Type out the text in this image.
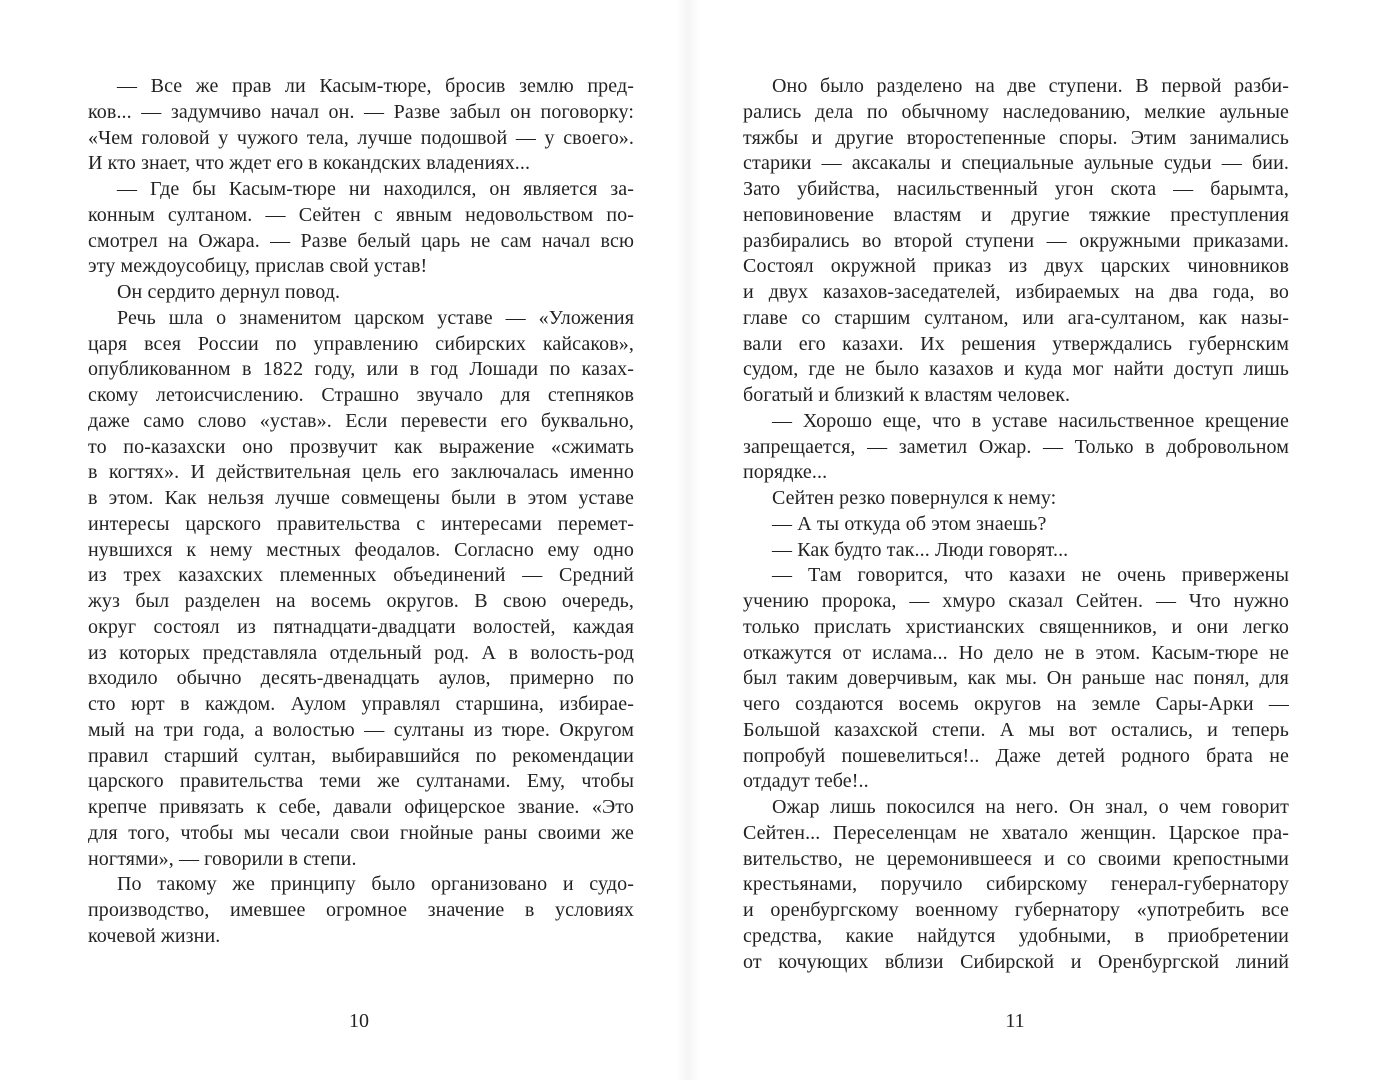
— Все же прав ли Касым-тюре, бросив землю пред-
ков... — задумчиво начал он. — Разве забыл он поговорку:
«Чем головой у чужого тела, лучше подошвой — у своего».
И кто знает, что ждет его в кокандских владениях...
— Где бы Касым-тюре ни находился, он является за-
конным султаном. — Сейтен с явным недовольством по-
смотрел на Ожара. — Разве белый царь не сам начал всю
эту междоусобицу, прислав свой устав!
Он сердито дернул повод.
Речь шла о знаменитом царском уставе — «Уложения
царя всея России по управлению сибирских кайсаков»,
опубликованном в 1822 году, или в год Лошади по казах-
скому летоисчислению. Страшно звучало для степняков
даже само слово «устав». Если перевести его буквально,
то по-казахски оно прозвучит как выражение «сжимать
в когтях». И действительная цель его заключалась именно
в этом. Как нельзя лучше совмещены были в этом уставе
интересы царского правительства с интересами перемет-
нувшихся к нему местных феодалов. Согласно ему одно
из трех казахских племенных объединений — Средний
жуз был разделен на восемь округов. В свою очередь,
округ состоял из пятнадцати-двадцати волостей, каждая
из которых представляла отдельный род. А в волость-род
входило обычно десять-двенадцать аулов, примерно по
сто юрт в каждом. Аулом управлял старшина, избирае-
мый на три года, а волостью — султаны из тюре. Округом
правил старший султан, выбиравшийся по рекомендации
царского правительства теми же султанами. Ему, чтобы
крепче привязать к себе, давали офицерское звание. «Это
для того, чтобы мы чесали свои гнойные раны своими же
ногтями», — говорили в степи.
По такому же принципу было организовано и судо-
производство, имевшее огромное значение в условиях
кочевой жизни.
Оно было разделено на две ступени. В первой разби-
рались дела по обычному наследованию, мелкие аульные
тяжбы и другие второстепенные споры. Этим занимались
старики — аксакалы и специальные аульные судьи — бии.
Зато убийства, насильственный угон скота — барымта,
неповиновение властям и другие тяжкие преступления
разбирались во второй ступени — окружными приказами.
Состоял окружной приказ из двух царских чиновников
и двух казахов-заседателей, избираемых на два года, во
главе со старшим султаном, или ага-султаном, как назы-
вали его казахи. Их решения утверждались губернским
судом, где не было казахов и куда мог найти доступ лишь
богатый и близкий к властям человек.
— Хорошо еще, что в уставе насильственное крещение
запрещается, — заметил Ожар. — Только в добровольном
порядке...
Сейтен резко повернулся к нему:
— А ты откуда об этом знаешь?
— Как будто так... Люди говорят...
— Там говорится, что казахи не очень привержены
учению пророка, — хмуро сказал Сейтен. — Что нужно
только прислать христианских священников, и они легко
откажутся от ислама... Но дело не в этом. Касым-тюре не
был таким доверчивым, как мы. Он раньше нас понял, для
чего создаются восемь округов на земле Сары-Арки —
Большой казахской степи. А мы вот остались, и теперь
попробуй пошевелиться!.. Даже детей родного брата не
отдадут тебе!..
Ожар лишь покосился на него. Он знал, о чем говорит
Сейтен... Переселенцам не хватало женщин. Царское пра-
вительство, не церемонившееся и со своими крепостными
крестьянами, поручило сибирскому генерал-губернатору
и оренбургскому военному губернатору «употребить все
средства, какие найдутся удобными, в приобретении
от кочующих вблизи Сибирской и Оренбургской линий
10	11
